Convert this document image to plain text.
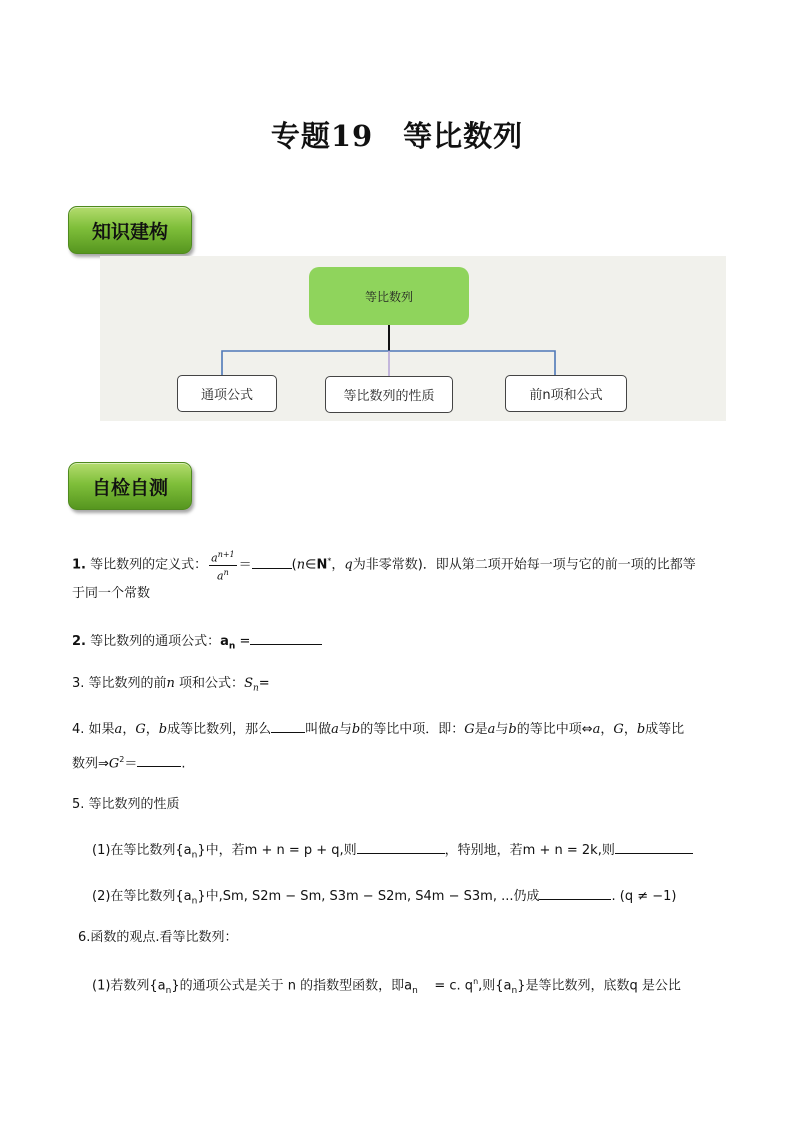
专题19　等比数列
知识建构
等比数列
通项公式	等比数列的性质	前n项和公式
自检自测
1. 等比数列的定义式： $\frac{a^{n+1}}{a^n}$ ＝	(n∈N*，q为非零常数)．即从第二项开始每一项与它的前一项的比都等
于同一个常数
2. 等比数列的通项公式：$a_n$ =
3. 等比数列的前n 项和公式：$S_n=$
4. 如果a，G，b成等比数列，那么	叫做a与b的等比中项．即：G是a与b的等比中项⇔a，G，b成等比
数列$\Rightarrow G^2=$	.
5. 等比数列的性质
(1)在等比数列$\{a_n\}$中，若m + n = p + q,则	，特别地，若m + n = 2k,则
(2)在等比数列$\{a_n\}$中,Sm, S2m − Sm, S3m − S2m, S4m − S3m, ...仍成	. (q ≠ −1)
6.函数的观点.看等比数列：
(1)若数列$\{a_n\}$的通项公式是关于 n 的指数型函数，即$a_n$    = c. $q^n$,则$\{a_n\}$是等比数列，底数q 是公比
